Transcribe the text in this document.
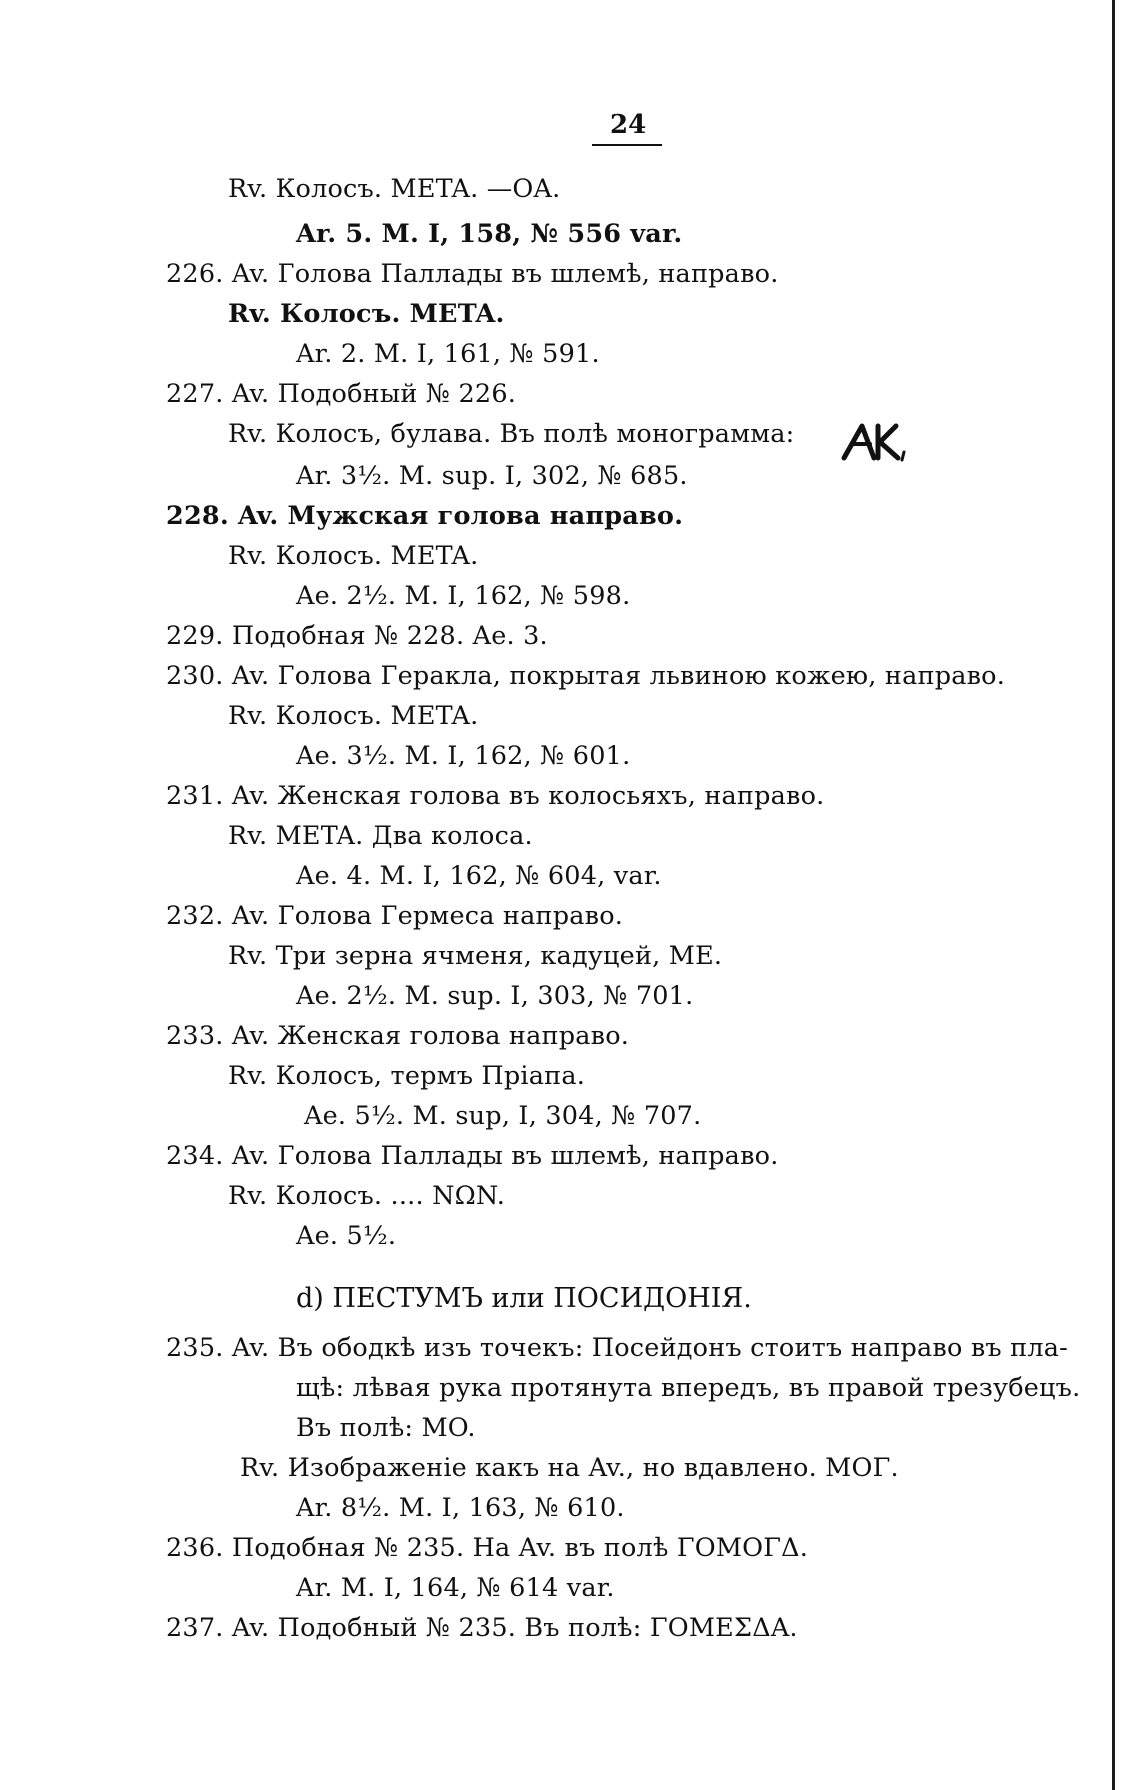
24
Rv. Колосъ. META. —OA.
Ar. 5. M. I, 158, № 556 var.
226. Av. Голова Паллады въ шлемѣ, направо.
Rv. Колосъ. META.
Ar. 2. M. I, 161, № 591.
227. Av. Подобный № 226.
Rv. Колосъ, булава. Въ полѣ монограмма:
Ar. 3½. M. sup. I, 302, № 685.
228. Av. Мужская голова направо.
Rv. Колосъ. META.
Ae. 2½. M. I, 162, № 598.
229. Подобная № 228. Ae. 3.
230. Av. Голова Геракла, покрытая львиною кожею, направо.
Rv. Колосъ. META.
Ae. 3½. M. I, 162, № 601.
231. Av. Женская голова въ колосьяхъ, направо.
Rv. META. Два колоса.
Ae. 4. M. I, 162, № 604, var.
232. Av. Голова Гермеса направо.
Rv. Три зерна ячменя, кадуцей, ME.
Ae. 2½. M. sup. I, 303, № 701.
233. Av. Женская голова направо.
Rv. Колосъ, термъ Пріапа.
Ae. 5½. M. sup, I, 304, № 707.
234. Av. Голова Паллады въ шлемѣ, направо.
Rv. Колосъ. .... NΩN.
Ae. 5½.
d) ПЕСТУМЪ или ПОСИДОНІЯ.
235. Av. Въ ободкѣ изъ точекъ: Посейдонъ стоитъ направо въ пла-
щѣ: лѣвая рука протянута впередъ, въ правой трезубецъ.
Въ полѣ: MO.
Rv. Изображеніе какъ на Av., но вдавлено. MOΓ.
Ar. 8½. M. I, 163, № 610.
236. Подобная № 235. На Av. въ полѣ ΓΟΜΟΓΔ.
Ar. M. I, 164, № 614 var.
237. Av. Подобный № 235. Въ полѣ: ΓΟΜΕΣΔΑ.
